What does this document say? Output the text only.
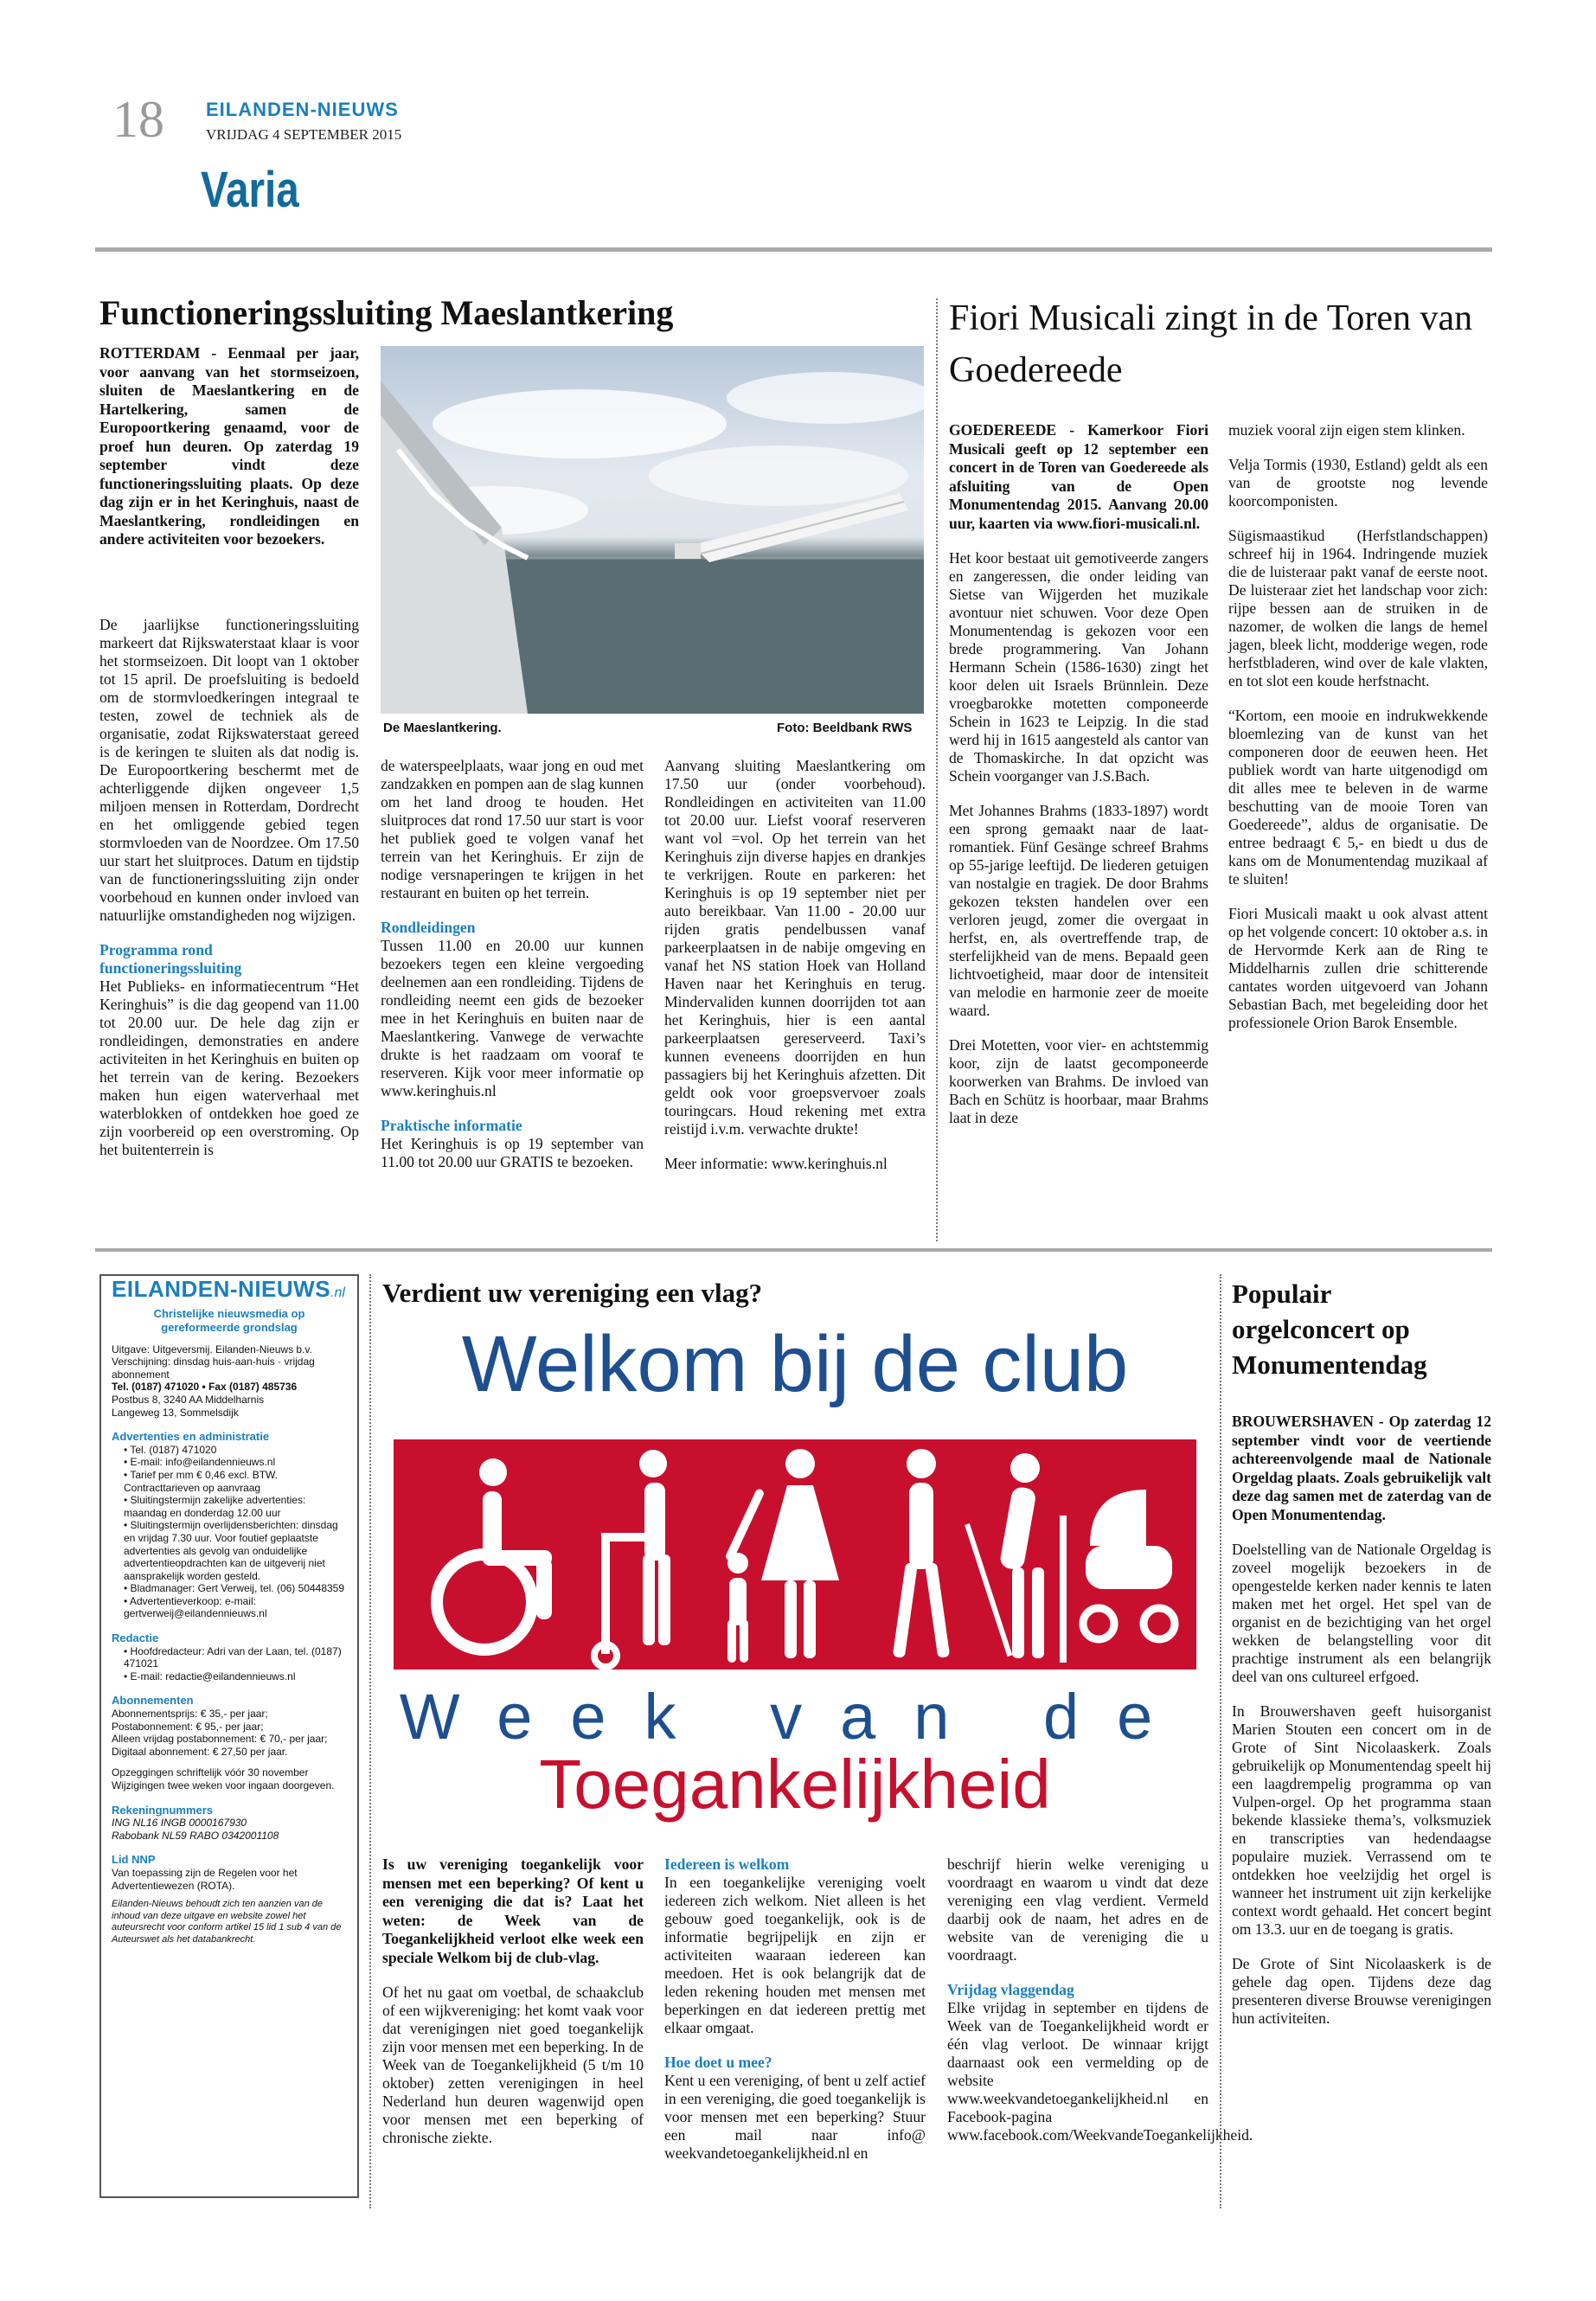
18 EILANDEN-NIEUWS
VRIJDAG 4 SEPTEMBER 2015
Varia
Functioneringssluiting Maeslantkering
ROTTERDAM - Eenmaal per jaar, voor aanvang van het stormseizoen, sluiten de Maeslantkering en de Hartelkering, samen de Europoortkering genaamd, voor de proef hun deuren. Op zaterdag 19 september vindt deze functioneringssluiting plaats. Op deze dag zijn er in het Keringhuis, naast de Maeslantkering, rondleidingen en andere activiteiten voor bezoekers.

De jaarlijkse functioneringssluiting markeert dat Rijkswaterstaat klaar is voor het stormseizoen. Dit loopt van 1 oktober tot 15 april. De proefsluiting is bedoeld om de stormvloedkeringen integraal te testen, zowel de techniek als de organisatie, zodat Rijkswaterstaat gereed is de keringen te sluiten als dat nodig is. De Europoortkering beschermt met de achterliggende dijken ongeveer 1,5 miljoen mensen in Rotterdam, Dordrecht en het omliggende gebied tegen stormvloeden van de Noordzee. Om 17.50 uur start het sluitproces. Datum en tijdstip van de functioneringssluiting zijn onder voorbehoud en kunnen onder invloed van natuurlijke omstandigheden nog wijzigen.

Programma rond functioneringssluiting

Het Publieks- en informatiecentrum “Het Keringhuis” is die dag geopend van 11.00 tot 20.00 uur. De hele dag zijn er rondleidingen, demonstraties en andere activiteiten in het Keringhuis en buiten op het terrein van de kering. Bezoekers maken hun eigen waterverhaal met waterblokken of ontdekken hoe goed ze zijn voorbereid op een overstroming. Op het buitenterrein is

De Maeslantkering.	Foto: Beeldbank RWS

de waterspeelplaats, waar jong en oud met zandzakken en pompen aan de slag kunnen om het land droog te houden. Het sluitproces dat rond 17.50 uur start is voor het publiek goed te volgen vanaf het terrein van het Keringhuis. Er zijn de nodige versnaperingen te krijgen in het restaurant en buiten op het terrein.

Rondleidingen

Tussen 11.00 en 20.00 uur kunnen bezoekers tegen een kleine vergoeding deelnemen aan een rondleiding. Tijdens de rondleiding neemt een gids de bezoeker mee in het Keringhuis en buiten naar de Maeslantkering. Vanwege de verwachte drukte is het raadzaam om vooraf te reserveren. Kijk voor meer informatie op www.keringhuis.nl

Praktische informatie

Het Keringhuis is op 19 september van 11.00 tot 20.00 uur GRATIS te bezoeken.

Aanvang sluiting Maeslantkering om 17.50 uur (onder voorbehoud). Rondleidingen en activiteiten van 11.00 tot 20.00 uur. Liefst vooraf reserveren want vol =vol. Op het terrein van het Keringhuis zijn diverse hapjes en drankjes te verkrijgen. Route en parkeren: het Keringhuis is op 19 september niet per auto bereikbaar. Van 11.00 - 20.00 uur rijden gratis pendelbussen vanaf parkeerplaatsen in de nabije omgeving en vanaf het NS station Hoek van Holland Haven naar het Keringhuis en terug. Mindervaliden kunnen doorrijden tot aan het Keringhuis, hier is een aantal parkeerplaatsen gereserveerd. Taxi’s kunnen eveneens doorrijden en hun passagiers bij het Keringhuis afzetten. Dit geldt ook voor groepsvervoer zoals touringcars. Houd rekening met extra reistijd i.v.m. verwachte drukte!

Meer informatie: www.keringhuis.nl

Fiori Musicali zingt in de Toren van Goedereede

GOEDEREEDE - Kamerkoor Fiori Musicali geeft op 12 september een concert in de Toren van Goedereede als afsluiting van de Open Monumentendag 2015. Aanvang 20.00 uur, kaarten via www.fiori-musicali.nl.

Het koor bestaat uit gemotiveerde zangers en zangeressen, die onder leiding van Sietse van Wijgerden het muzikale avontuur niet schuwen. Voor deze Open Monumentendag is gekozen voor een brede programmering. Van Johann Hermann Schein (1586-1630) zingt het koor delen uit Israels Brünnlein. Deze vroegbarokke motetten componeerde Schein in 1623 te Leipzig. In die stad werd hij in 1615 aangesteld als cantor van de Thomaskirche. In dat opzicht was Schein voorganger van J.S.Bach.

Met Johannes Brahms (1833-1897) wordt een sprong gemaakt naar de laat-romantiek. Fünf Gesänge schreef Brahms op 55-jarige leeftijd. De liederen getuigen van nostalgie en tragiek. De door Brahms gekozen teksten handelen over een verloren jeugd, zomer die overgaat in herfst, en, als overtreffende trap, de sterfelijkheid van de mens. Bepaald geen lichtvoetigheid, maar door de intensiteit van melodie en harmonie zeer de moeite waard.

Drei Motetten, voor vier- en achtstemmig koor, zijn de laatst gecomponeerde koorwerken van Brahms. De invloed van Bach en Schütz is hoorbaar, maar Brahms laat in deze

muziek vooral zijn eigen stem klinken.

Velja Tormis (1930, Estland) geldt als een van de grootste nog levende koorcomponisten.

Sügismaastikud (Herfstlandschappen) schreef hij in 1964. Indringende muziek die de luisteraar pakt vanaf de eerste noot. De luisteraar ziet het landschap voor zich: rijpe bessen aan de struiken in de nazomer, de wolken die langs de hemel jagen, bleek licht, modderige wegen, rode herfstbladeren, wind over de kale vlakten, en tot slot een koude herfstnacht.

“Kortom, een mooie en indrukwekkende bloemlezing van de kunst van het componeren door de eeuwen heen. Het publiek wordt van harte uitgenodigd om dit alles mee te beleven in de warme beschutting van de mooie Toren van Goedereede”, aldus de organisatie. De entree bedraagt € 5,- en biedt u dus de kans om de Monumentendag muzikaal af te sluiten!

Fiori Musicali maakt u ook alvast attent op het volgende concert: 10 oktober a.s. in de Hervormde Kerk aan de Ring te Middelharnis zullen drie schitterende cantates worden uitgevoerd van Johann Sebastian Bach, met begeleiding door het professionele Orion Barok Ensemble.

EILANDEN-NIEUWS.nl
Christelijke nieuwsmedia op gereformeerde grondslag
Uitgave: Uitgeversmij. Eilanden-Nieuws b.v.
Verschijning: dinsdag huis-aan-huis · vrijdag abonnement
Tel. (0187) 471020 • Fax (0187) 485736
Postbus 8, 3240 AA Middelharnis
Langeweg 13, Sommelsdijk
Advertenties en administratie
• Tel. (0187) 471020
• E-mail: info@eilandennieuws.nl
• Tarief per mm € 0,46 excl. BTW. Contracttarieven op aanvraag
• Sluitingstermijn zakelijke advertenties: maandag en donderdag 12.00 uur
• Sluitingstermijn overlijdensberichten: dinsdag en vrijdag 7.30 uur. Voor foutief geplaatste advertenties als gevolg van onduidelijke advertentieopdrachten kan de uitgeverij niet aansprakelijk worden gesteld.
• Bladmanager: Gert Verweij, tel. (06) 50448359
• Advertentieverkoop: e-mail: gertverweij@eilandennieuws.nl
Redactie
• Hoofdredacteur: Adri van der Laan, tel. (0187) 471021
• E-mail: redactie@eilandennieuws.nl
Abonnementen
Abonnementsprijs: € 35,- per jaar;
Postabonnement: € 95,- per jaar;
Alleen vrijdag postabonnement: € 70,- per jaar;
Digitaal abonnement: € 27,50 per jaar.
Opzeggingen schriftelijk vóór 30 november Wijzigingen twee weken voor ingaan doorgeven.
Rekeningnummers
ING NL16 INGB 0000167930
Rabobank NL59 RABO 0342001108
Lid NNP
Van toepassing zijn de Regelen voor het Advertentiewezen (ROTA).
Eilanden-Nieuws behoudt zich ten aanzien van de inhoud van deze uitgave en website zowel het auteursrecht voor conform artikel 15 lid 1 sub 4 van de Auteurswet als het databankrecht.
Verdient uw vereniging een vlag?
Welkom bij de club
Week van de
Toegankelijkheid

Is uw vereniging toegankelijk voor mensen met een beperking? Of kent u een vereniging die dat is? Laat het weten: de Week van de Toegankelijkheid verloot elke week een speciale Welkom bij de club-vlag.

Of het nu gaat om voetbal, de schaakclub of een wijkvereniging: het komt vaak voor dat verenigingen niet goed toegankelijk zijn voor mensen met een beperking. In de Week van de Toegankelijkheid (5 t/m 10 oktober) zetten verenigingen in heel Nederland hun deuren wagenwijd open voor mensen met een beperking of chronische ziekte.

Iedereen is welkom

In een toegankelijke vereniging voelt iedereen zich welkom. Niet alleen is het gebouw goed toegankelijk, ook is de informatie begrijpelijk en zijn er activiteiten waaraan iedereen kan meedoen. Het is ook belangrijk dat de leden rekening houden met mensen met beperkingen en dat iedereen prettig met elkaar omgaat.

Hoe doet u mee?

Kent u een vereniging, of bent u zelf actief in een vereniging, die goed toegankelijk is voor mensen met een beperking? Stuur een mail naar info@ weekvandetoegankelijkheid.nl en

beschrijf hierin welke vereniging u voordraagt en waarom u vindt dat deze vereniging een vlag verdient. Vermeld daarbij ook de naam, het adres en de website van de vereniging die u voordraagt.

Vrijdag vlaggendag

Elke vrijdag in september en tijdens de Week van de Toegankelijkheid wordt er één vlag verloot. De winnaar krijgt daarnaast ook een vermelding op de website www.weekvandetoegankelijkheid.nl en Facebook-pagina www.facebook.com/WeekvandeToegankelijkheid.

Populair orgelconcert op Monumentendag

BROUWERSHAVEN - Op zaterdag 12 september vindt voor de veertiende achtereenvolgende maal de Nationale Orgeldag plaats. Zoals gebruikelijk valt deze dag samen met de zaterdag van de Open Monumentendag.

Doelstelling van de Nationale Orgeldag is zoveel mogelijk bezoekers in de opengestelde kerken nader kennis te laten maken met het orgel. Het spel van de organist en de bezichtiging van het orgel wekken de belangstelling voor dit prachtige instrument als een belangrijk deel van ons cultureel erfgoed.

In Brouwershaven geeft huisorganist Marien Stouten een concert om in de Grote of Sint Nicolaaskerk. Zoals gebruikelijk op Monumentendag speelt hij een laagdrempelig programma op van Vulpen-orgel. Op het programma staan bekende klassieke thema’s, volksmuziek en transcripties van hedendaagse populaire muziek. Verrassend om te ontdekken hoe veelzijdig het orgel is wanneer het instrument uit zijn kerkelijke context wordt gehaald. Het concert begint om 13.3. uur en de toegang is gratis.

De Grote of Sint Nicolaaskerk is de gehele dag open. Tijdens deze dag presenteren diverse Brouwse verenigingen hun activiteiten.
